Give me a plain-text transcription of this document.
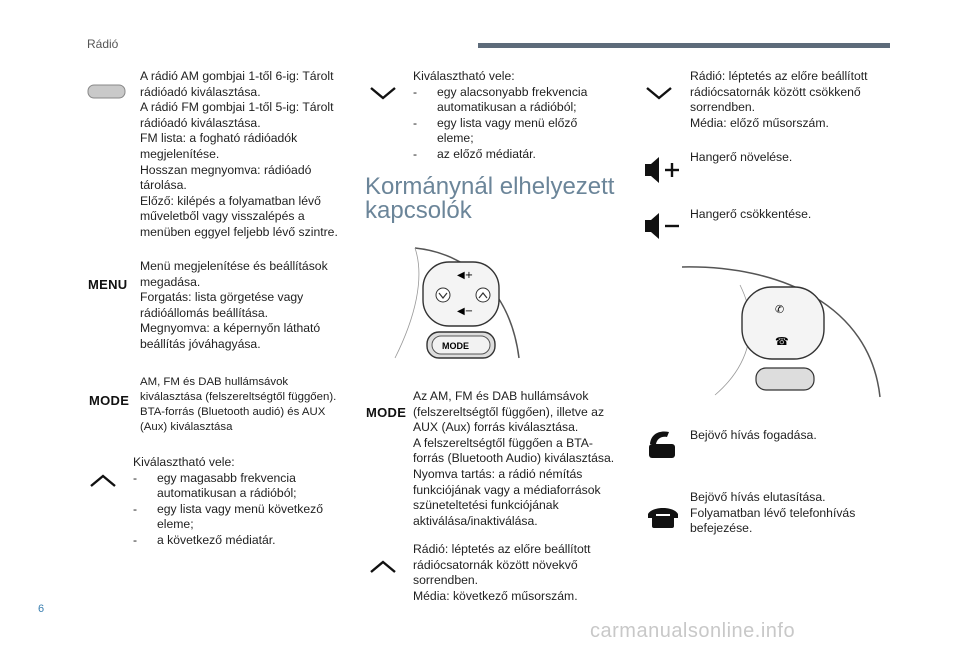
Rádió
A rádió AM gombjai 1-től 6-ig: Tárolt rádióadó kiválasztása.
A rádió FM gombjai 1-től 5-ig: Tárolt rádióadó kiválasztása.
FM lista: a fogható rádióadók megjelenítése.
Hosszan megnyomva: rádióadó tárolása.
Előző: kilépés a folyamatban lévő műveletből vagy visszalépés a menüben eggyel feljebb lévő szintre.
MENU
Menü megjelenítése és beállítások megadása.
Forgatás: lista görgetése vagy rádióállomás beállítása.
Megnyomva: a képernyőn látható beállítás jóváhagyása.
MODE
AM, FM és DAB hullámsávok kiválasztása (felszereltségtől függően).
BTA-forrás (Bluetooth audió) és AUX (Aux) kiválasztása
Kiválasztható vele:
- egy magasabb frekvencia automatikusan a rádióból;
- egy lista vagy menü következő eleme;
- a következő médiatár.
Kiválasztható vele:
- egy alacsonyabb frekvencia automatikusan a rádióból;
- egy lista vagy menü előző eleme;
- az előző médiatár.
Kormánynál elhelyezett kapcsolók
◀+
◀−
MODE
MODE
Az AM, FM és DAB hullámsávok (felszereltségtől függően), illetve az AUX (Aux) forrás kiválasztása.
A felszereltségtől függően a BTA-forrás (Bluetooth Audio) kiválasztása.
Nyomva tartás: a rádió némítás funkciójának vagy a médiaforrások szüneteltetési funkciójának aktiválása/inaktiválása.
Rádió: léptetés az előre beállított rádiócsatornák között növekvő sorrendben.
Média: következő műsorszám.
Rádió: léptetés az előre beállított rádiócsatornák között csökkenő sorrendben.
Média: előző műsorszám.
Hangerő növelése.
Hangerő csökkentése.
✆
☎
Bejövő hívás fogadása.
Bejövő hívás elutasítása.
Folyamatban lévő telefonhívás befejezése.
6
carmanualsonline.info
